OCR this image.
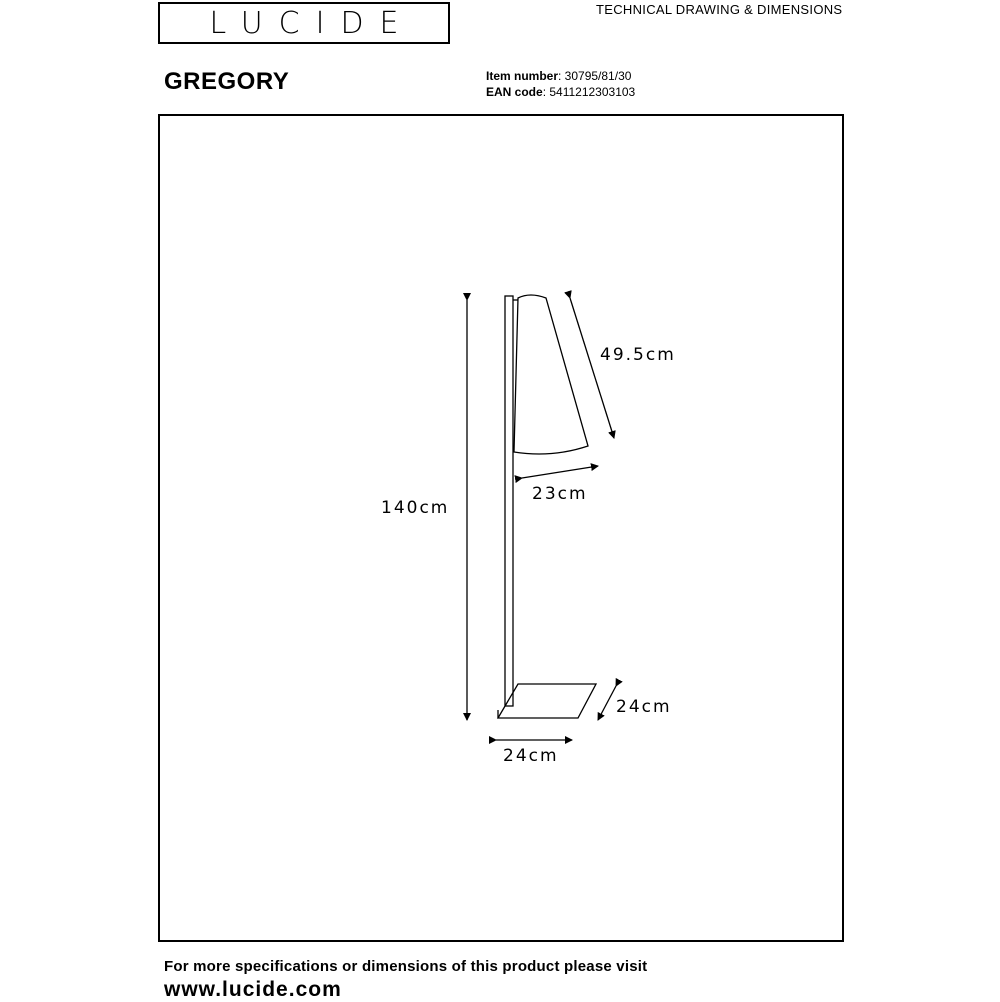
LUCIDE	TECHNICAL DRAWING & DIMENSIONS
GREGORY	Item number: 30795/81/30
EAN code: 5411212303103
49.5cm
23cm
140cm
24cm
24cm
For more specifications or dimensions of this product please visit
www.lucide.com
